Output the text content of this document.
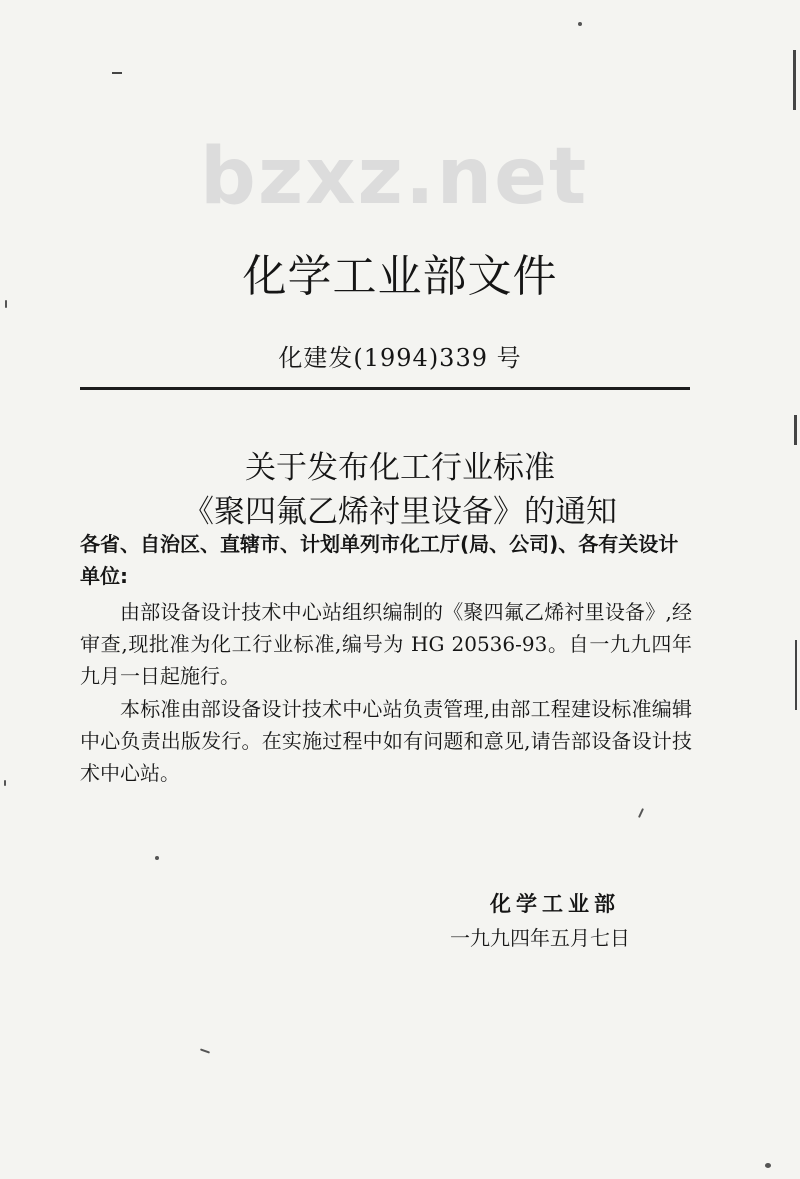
bzxz.net
化学工业部文件
化建发(1994)339 号
关于发布化工行业标准
《聚四氟乙烯衬里设备》的通知
各省、自治区、直辖市、计划单列市化工厅(局、公司)、各有关设计单位:
由部设备设计技术中心站组织编制的《聚四氟乙烯衬里设备》,经审查,现批准为化工行业标准,编号为 HG 20536-93。自一九九四年九月一日起施行。
本标准由部设备设计技术中心站负责管理,由部工程建设标准编辑中心负责出版发行。在实施过程中如有问题和意见,请告部设备设计技术中心站。
化学工业部
一九九四年五月七日
